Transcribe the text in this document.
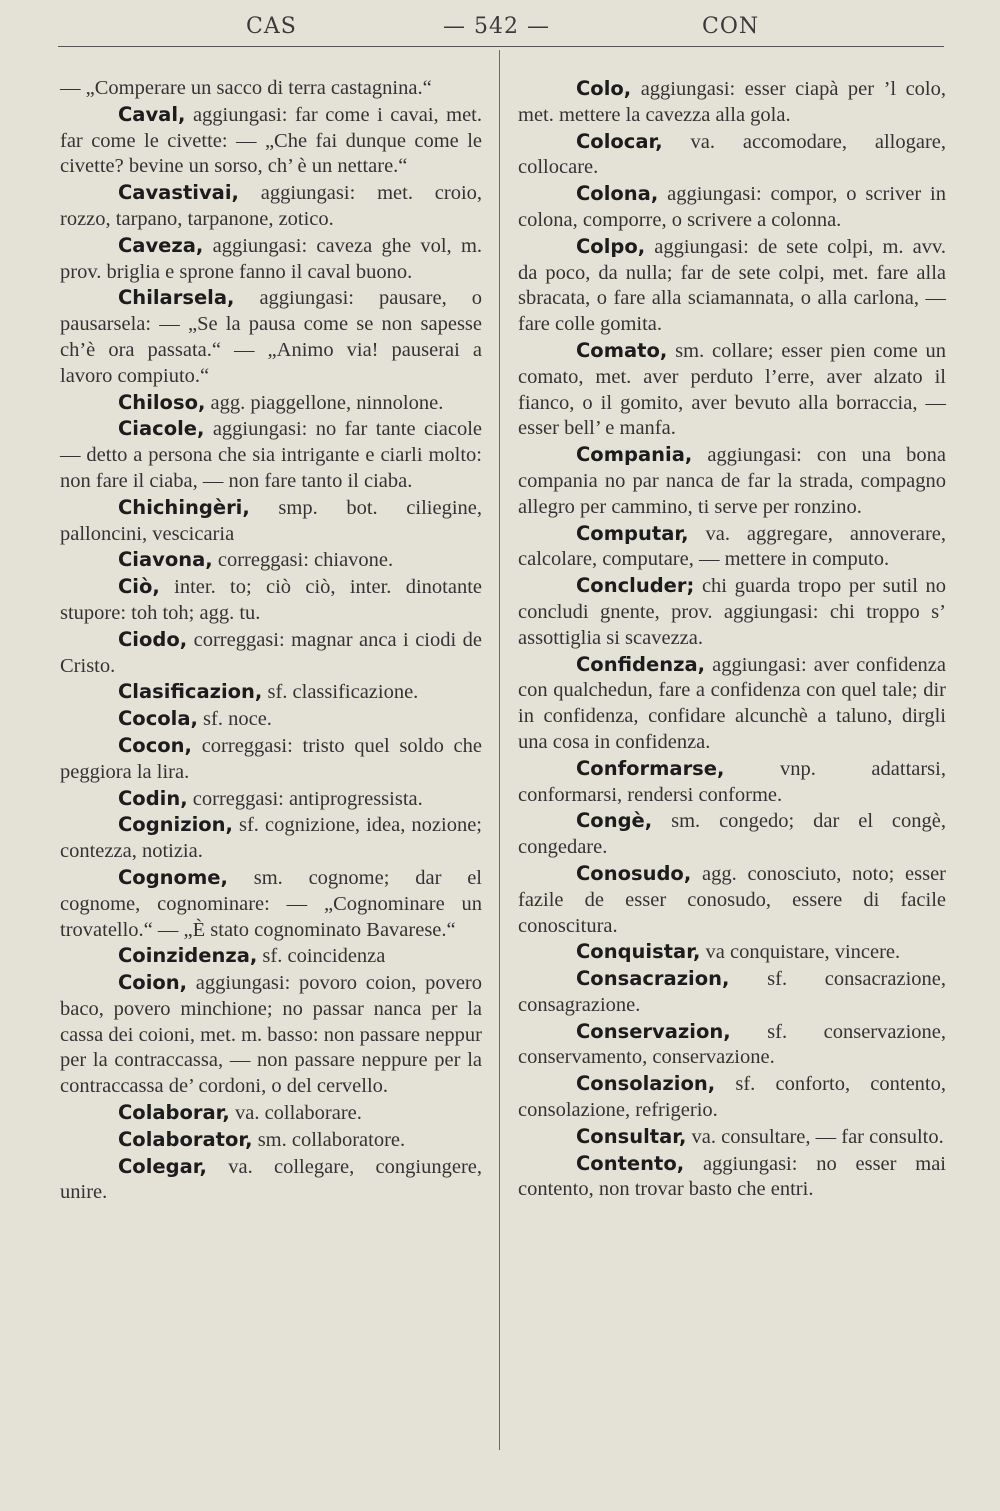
CAS	— 542 —	CON

— „Comperare un sacco di terra castagnina.“

Caval, aggiungasi: far come i cavai, met. far come le civette: — „Che fai dunque come le civette? bevine un sorso, ch’ è un nettare.“

Cavastivai, aggiungasi: met. croio, rozzo, tarpano, tarpanone, zotico.

Caveza, aggiungasi: caveza ghe vol, m. prov. briglia e sprone fanno il caval buono.

Chilarsela, aggiungasi: pausare, o pausarsela: — „Se la pausa come se non sapesse ch’è ora passata.“ — „Animo via! pauserai a lavoro compiuto.“

Chiloso, agg. piaggellone, ninnolone.

Ciacole, aggiungasi: no far tante ciacole — detto a persona che sia intrigante e ciarli molto: non fare il ciaba, — non fare tanto il ciaba.

Chichingèri, smp. bot. ciliegine, palloncini, vescicaria

Ciavona, correggasi: chiavone.

Ciò, inter. to; ciò ciò, inter. dinotante stupore: toh toh; agg. tu.

Ciodo, correggasi: magnar anca i ciodi de Cristo.

Clasificazion, sf. classificazione.

Cocola, sf. noce.

Cocon, correggasi: tristo quel soldo che peggiora la lira.

Codin, correggasi: antiprogressista.

Cognizion, sf. cognizione, idea, nozione; contezza, notizia.

Cognome, sm. cognome; dar el cognome, cognominare: — „Cognominare un trovatello.“ — „È stato cognominato Bavarese.“

Coinzidenza, sf. coincidenza

Coion, aggiungasi: povoro coion, povero baco, povero minchione; no passar nanca per la cassa dei coioni, met. m. basso: non passare neppur per la contraccassa, — non passare neppure per la contraccassa de’ cordoni, o del cervello.

Colaborar, va. collaborare.

Colaborator, sm. collaboratore.

Colegar, va. collegare, congiungere, unire.

Colo, aggiungasi: esser ciapà per ’l colo, met. mettere la cavezza alla gola.

Colocar, va. accomodare, allogare, collocare.

Colona, aggiungasi: compor, o scriver in colona, comporre, o scrivere a colonna.

Colpo, aggiungasi: de sete colpi, m. avv. da poco, da nulla; far de sete colpi, met. fare alla sbracata, o fare alla sciamannata, o alla carlona, — fare colle gomita.

Comato, sm. collare; esser pien come un comato, met. aver perduto l’erre, aver alzato il fianco, o il gomito, aver bevuto alla borraccia, — esser bell’ e manfa.

Compania, aggiungasi: con una bona compania no par nanca de far la strada, compagno allegro per cammino, ti serve per ronzino.

Computar, va. aggregare, annoverare, calcolare, computare, — mettere in computo.

Concluder; chi guarda tropo per sutil no concludi gnente, prov. aggiungasi: chi troppo s’ assottiglia si scavezza.

Confidenza, aggiungasi: aver confidenza con qualchedun, fare a confidenza con quel tale; dir in confidenza, confidare alcunchè a taluno, dirgli una cosa in confidenza.

Conformarse,	vnp. adattarsi, conformarsi, rendersi conforme.

Congè, sm. congedo; dar el congè, congedare.

Conosudo, agg. conosciuto, noto; esser fazile de esser conosudo, essere di facile conoscitura.

Conquistar, va conquistare, vincere.

Consacrazion, sf. consacrazione, consagrazione.

Conservazion, sf. conservazione, conservamento, conservazione.

Consolazion, sf. conforto, contento, consolazione, refrigerio.

Consultar, va. consultare, — far consulto.

Contento, aggiungasi: no esser mai contento, non trovar basto che entri.
